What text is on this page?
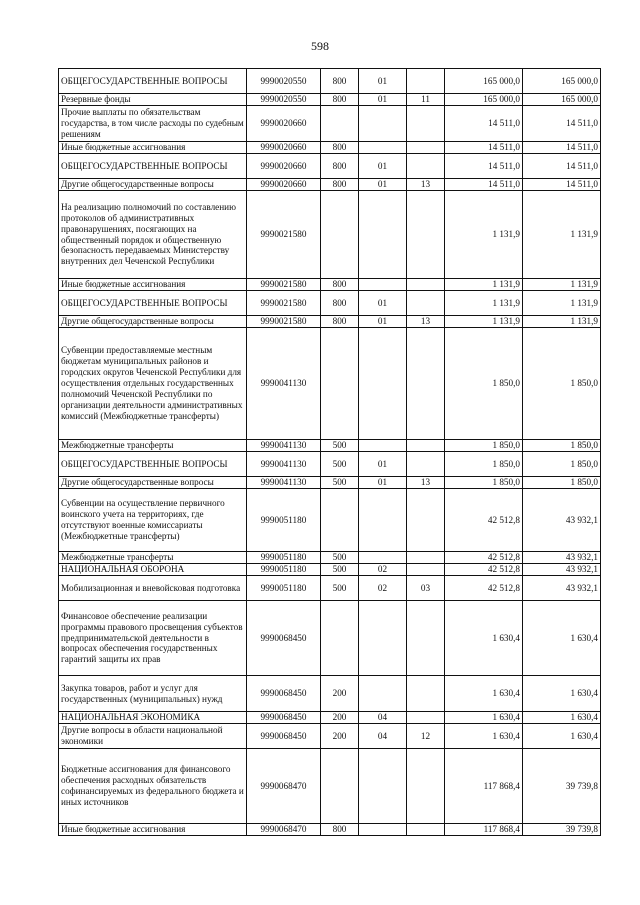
598
ОБЩЕГОСУДАРСТВЕННЫЕ ВОПРОСЫ	9990020550	800	01		165 000,0	165 000,0
Резервные фонды	9990020550	800	01	11	165 000,0	165 000,0
Прочие выплаты по обязательствам государства, в том числе расходы по судебным решениям	9990020660				14 511,0	14 511,0
Иные бюджетные ассигнования	9990020660	800			14 511,0	14 511,0
ОБЩЕГОСУДАРСТВЕННЫЕ ВОПРОСЫ	9990020660	800	01		14 511,0	14 511,0
Другие общегосударственные вопросы	9990020660	800	01	13	14 511,0	14 511,0
На реализацию полномочий по составлению протоколов об административных правонарушениях, посягающих на общественный порядок и общественную безопасность передаваемых Министерству внутренних дел Чеченской Республики	9990021580				1 131,9	1 131,9
Иные бюджетные ассигнования	9990021580	800			1 131,9	1 131,9
ОБЩЕГОСУДАРСТВЕННЫЕ ВОПРОСЫ	9990021580	800	01		1 131,9	1 131,9
Другие общегосударственные вопросы	9990021580	800	01	13	1 131,9	1 131,9
Субвенции предоставляемые местным бюджетам муниципальных районов и городских округов Чеченской Республики для осуществления отдельных государственных полномочий Чеченской Республики по организации деятельности административных комиссий (Межбюджетные трансферты)	9990041130				1 850,0	1 850,0
Межбюджетные трансферты	9990041130	500			1 850,0	1 850,0
ОБЩЕГОСУДАРСТВЕННЫЕ ВОПРОСЫ	9990041130	500	01		1 850,0	1 850,0
Другие общегосударственные вопросы	9990041130	500	01	13	1 850,0	1 850,0
Субвенции на осуществление первичного воинского учета на территориях, где отсутствуют военные комиссариаты (Межбюджетные трансферты)	9990051180				42 512,8	43 932,1
Межбюджетные трансферты	9990051180	500			42 512,8	43 932,1
НАЦИОНАЛЬНАЯ ОБОРОНА	9990051180	500	02		42 512,8	43 932,1
Мобилизационная и вневойсковая подготовка	9990051180	500	02	03	42 512,8	43 932,1
Финансовое обеспечение реализации программы правового просвещения субъектов предпринимательской деятельности в вопросах обеспечения государственных гарантий защиты их прав	9990068450				1 630,4	1 630,4
Закупка товаров, работ и услуг для государственных (муниципальных) нужд	9990068450	200			1 630,4	1 630,4
НАЦИОНАЛЬНАЯ ЭКОНОМИКА	9990068450	200	04		1 630,4	1 630,4
Другие вопросы в области национальной экономики	9990068450	200	04	12	1 630,4	1 630,4
Бюджетные ассигнования для финансового обеспечения расходных обязательств софинансируемых из федерального бюджета и иных источников	9990068470				117 868,4	39 739,8
Иные бюджетные ассигнования	9990068470	800			117 868,4	39 739,8
